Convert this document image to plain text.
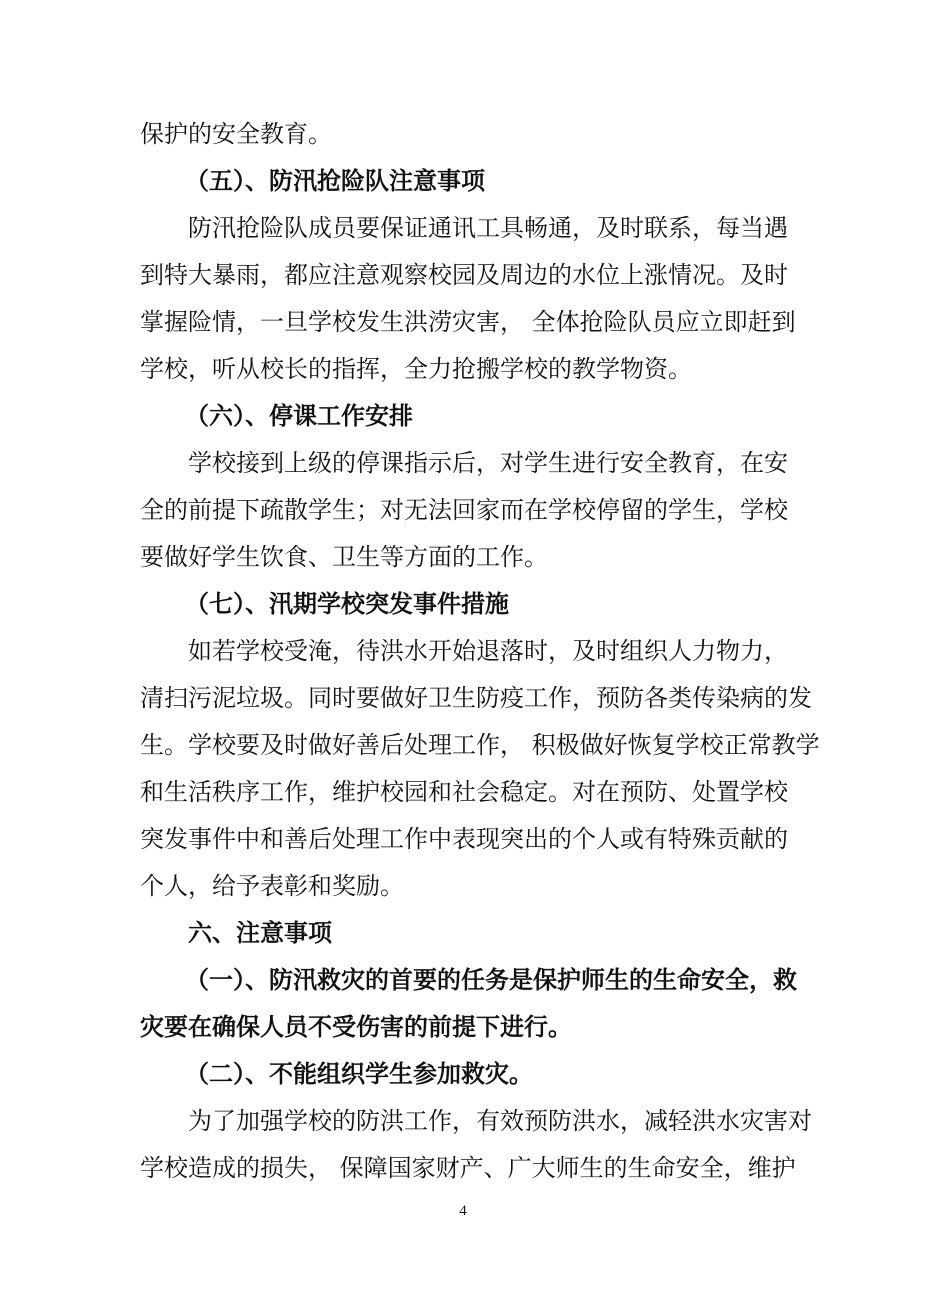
保护的安全教育。
（五）、防汛抢险队注意事项
防汛抢险队成员要保证通讯工具畅通，及时联系，每当遇
到特大暴雨，都应注意观察校园及周边的水位上涨情况。及时
掌握险情，一旦学校发生洪涝灾害， 全体抢险队员应立即赶到
学校，听从校长的指挥，全力抢搬学校的教学物资。
（六）、停课工作安排
学校接到上级的停课指示后，对学生进行安全教育，在安
全的前提下疏散学生；对无法回家而在学校停留的学生，学校
要做好学生饮食、卫生等方面的工作。
（七）、汛期学校突发事件措施
如若学校受淹，待洪水开始退落时，及时组织人力物力，
清扫污泥垃圾。同时要做好卫生防疫工作，预防各类传染病的发
生。学校要及时做好善后处理工作， 积极做好恢复学校正常教学
和生活秩序工作，维护校园和社会稳定。对在预防、处置学校
突发事件中和善后处理工作中表现突出的个人或有特殊贡献的
个人，给予表彰和奖励。
六、注意事项
（一）、防汛救灾的首要的任务是保护师生的生命安全，救
灾要在确保人员不受伤害的前提下进行。
（二）、不能组织学生参加救灾。
为了加强学校的防洪工作，有效预防洪水，减轻洪水灾害对
学校造成的损失， 保障国家财产、广大师生的生命安全，维护
4
